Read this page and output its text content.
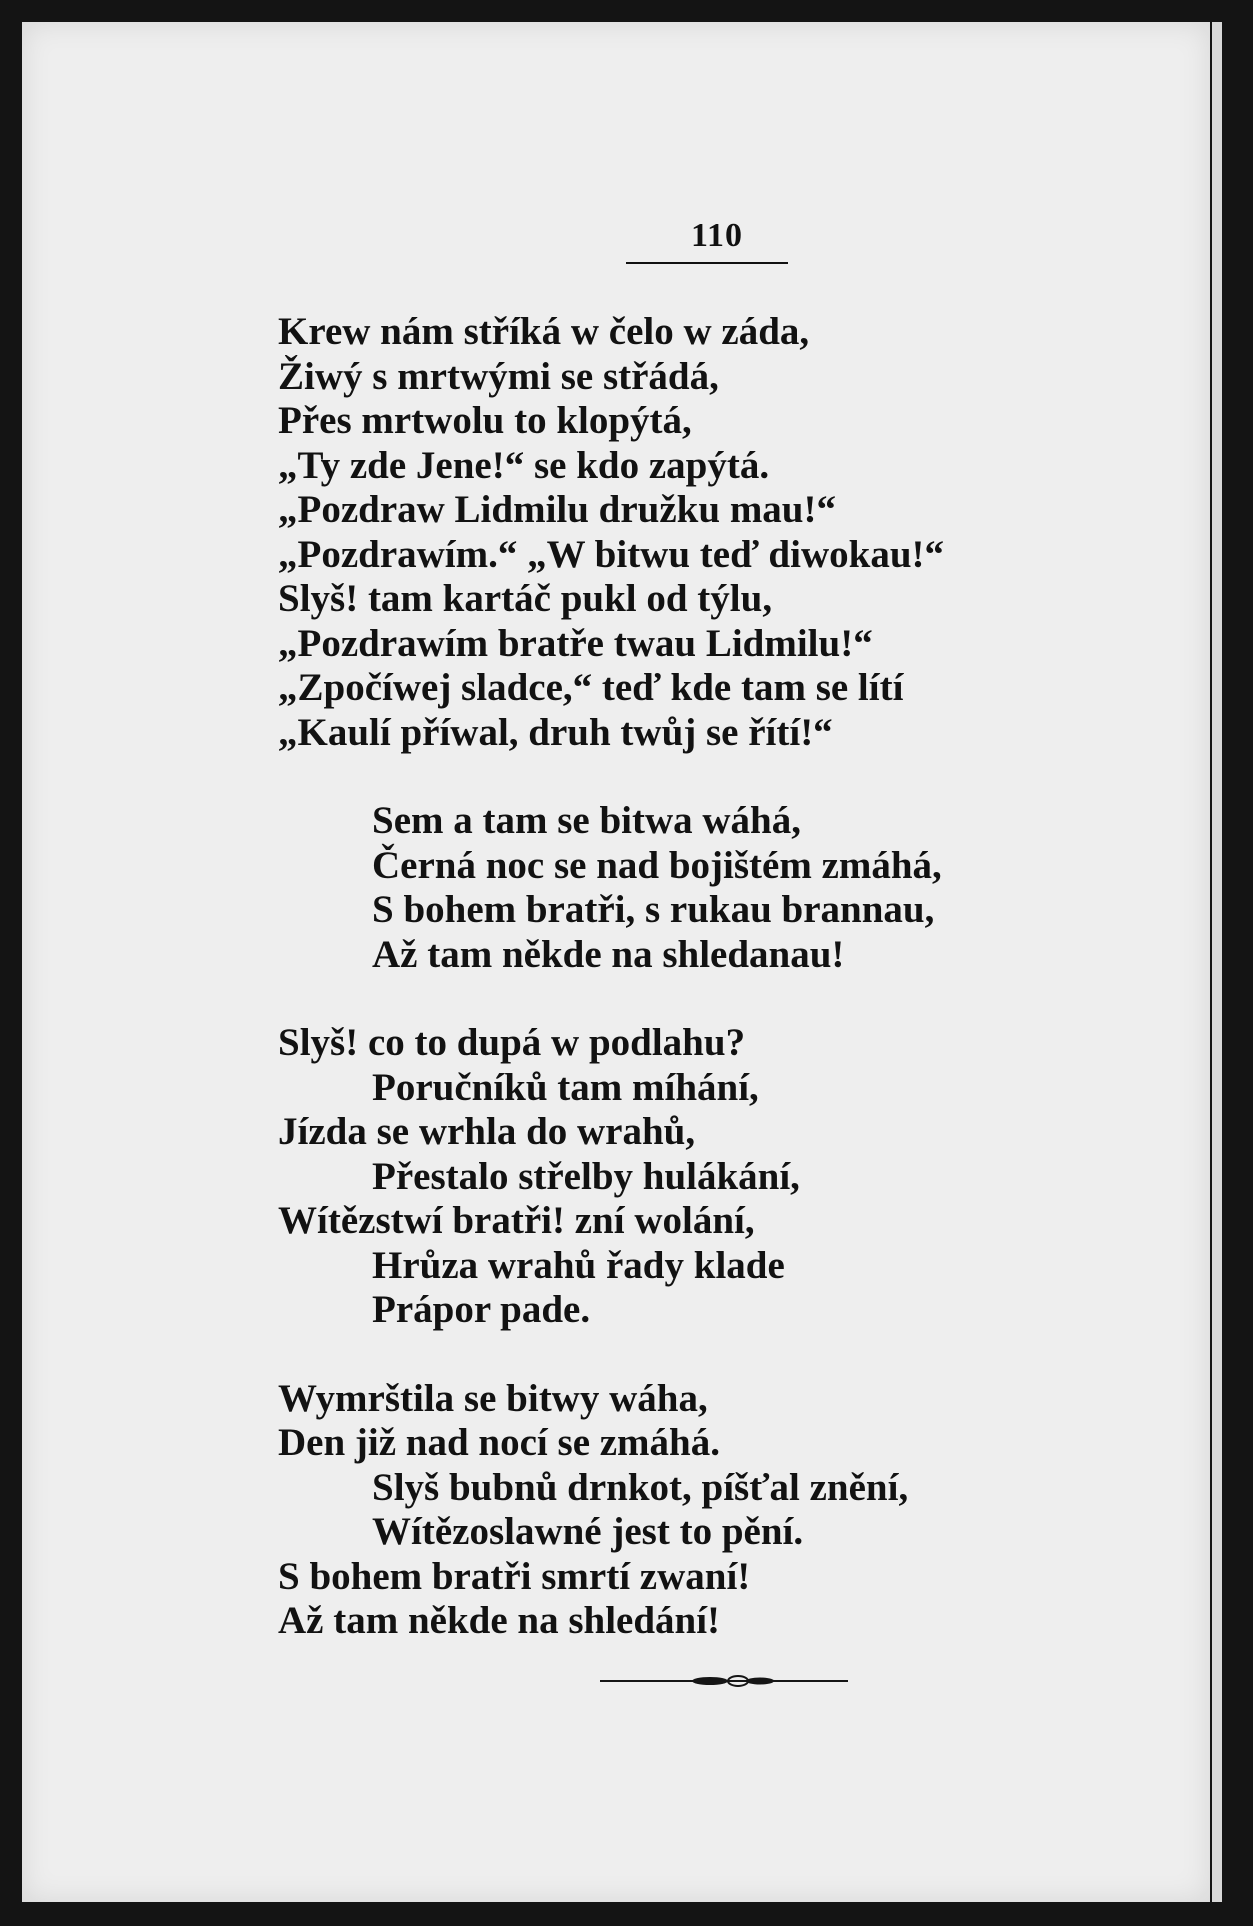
110
Krew nám stříká w čelo w záda,
Žiwý s mrtwými se střádá,
Přes mrtwolu to klopýtá,
„Ty zde Jene!“ se kdo zapýtá.
„Pozdraw Lidmilu družku mau!“
„Pozdrawím.“ „W bitwu teď diwokau!“
Slyš! tam kartáč pukl od týlu,
„Pozdrawím bratře twau Lidmilu!“
„Zpočíwej sladce,“ teď kde tam se lítí
„Kaulí příwal, druh twůj se řítí!“
Sem a tam se bitwa wáhá,
Černá noc se nad bojištém zmáhá,
S bohem bratři, s rukau brannau,
Až tam někde na shledanau!
Slyš! co to dupá w podlahu?
Poručníků tam míhání,
Jízda se wrhla do wrahů,
Přestalo střelby hulákání,
Wítězstwí bratři! zní wolání,
Hrůza wrahů řady klade
Prápor pade.
Wymrštila se bitwy wáha,
Den již nad nocí se zmáhá.
Slyš bubnů drnkot, píšťal znění,
Wítězoslawné jest to pění.
S bohem bratři smrtí zwaní!
Až tam někde na shledání!
